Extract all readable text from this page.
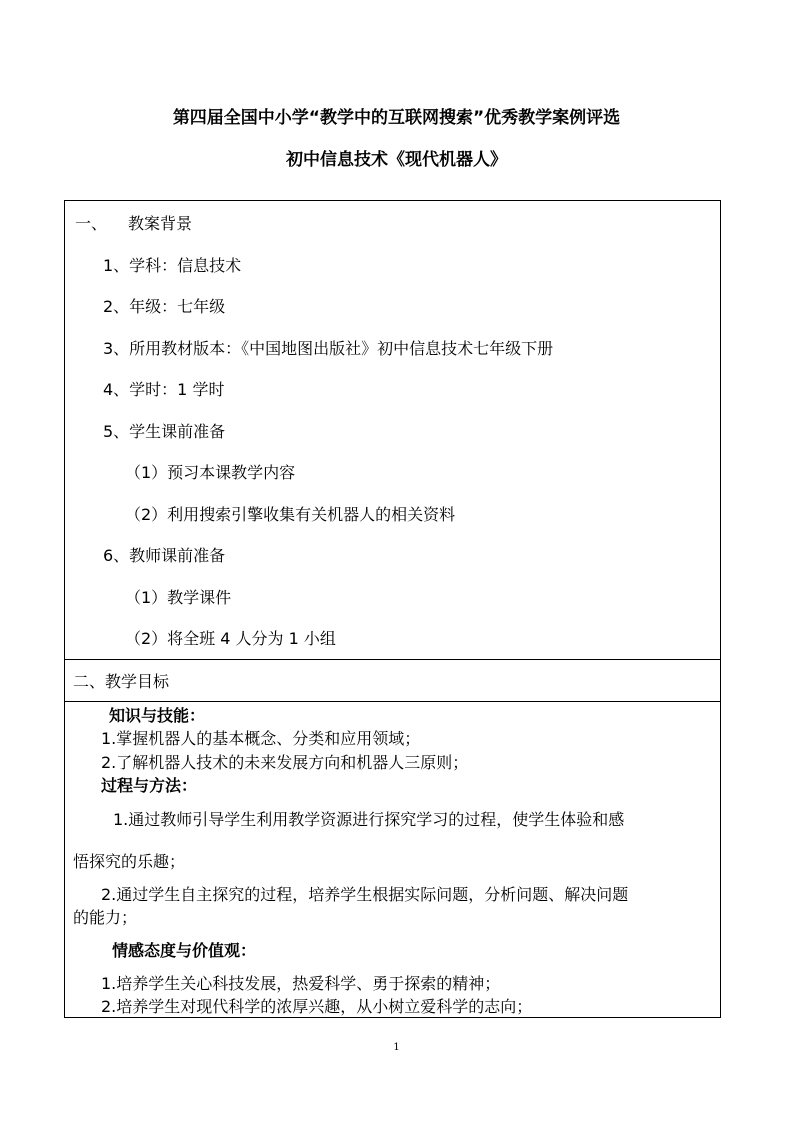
第四届全国中小学“教学中的互联网搜索”优秀教学案例评选
初中信息技术《现代机器人》
一、 教案背景
1、学科：信息技术
2、年级：七年级
3、所用教材版本：《中国地图出版社》初中信息技术七年级下册
4、学时：1 学时
5、学生课前准备
（1）预习本课教学内容
（2）利用搜索引擎收集有关机器人的相关资料
6、教师课前准备
（1）教学课件
（2）将全班 4 人分为 1 小组
二、教学目标
知识与技能：
1.掌握机器人的基本概念、分类和应用领域；
2.了解机器人技术的未来发展方向和机器人三原则；
过程与方法：
1.通过教师引导学生利用教学资源进行探究学习的过程，使学生体验和感
悟探究的乐趣；
2.通过学生自主探究的过程，培养学生根据实际问题，分析问题、解决问题
的能力；
情感态度与价值观：
1.培养学生关心科技发展，热爱科学、勇于探索的精神；
2.培养学生对现代科学的浓厚兴趣，从小树立爱科学的志向；
1
